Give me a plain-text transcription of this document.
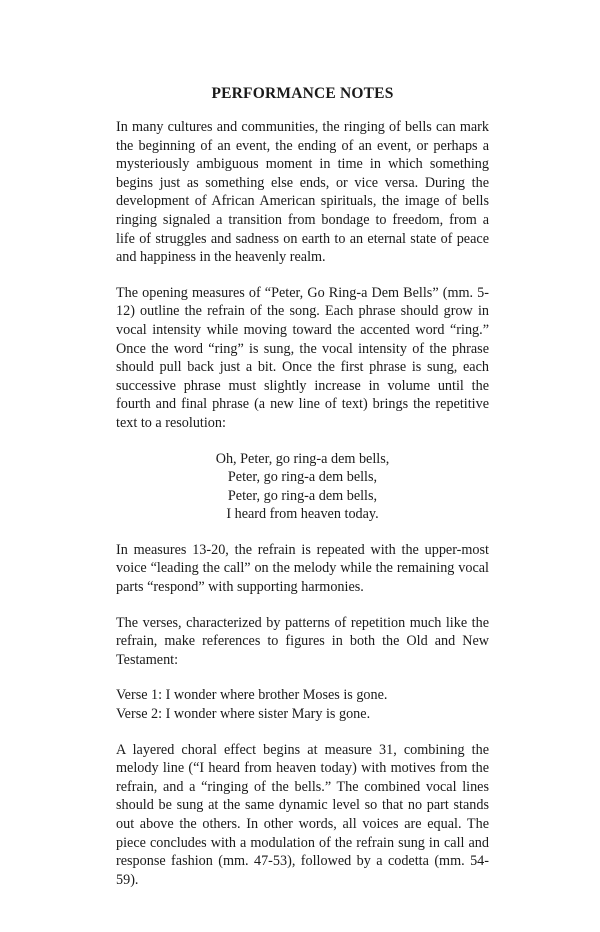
PERFORMANCE NOTES

In many cultures and communities, the ringing of bells can mark the beginning of an event, the ending of an event, or perhaps a mysteriously ambiguous moment in time in which something begins just as something else ends, or vice versa. During the development of African American spirituals, the image of bells ringing signaled a transition from bondage to freedom, from a life of struggles and sadness on earth to an eternal state of peace and happiness in the heavenly realm.

The opening measures of “Peter, Go Ring-a Dem Bells” (mm. 5-12) outline the refrain of the song. Each phrase should grow in vocal intensity while moving toward the accented word “ring.” Once the word “ring” is sung, the vocal intensity of the phrase should pull back just a bit. Once the first phrase is sung, each successive phrase must slightly increase in volume until the fourth and final phrase (a new line of text) brings the repetitive text to a resolution:

Oh, Peter, go ring-a dem bells,
Peter, go ring-a dem bells,
Peter, go ring-a dem bells,
I heard from heaven today.

In measures 13-20, the refrain is repeated with the upper-most voice “leading the call” on the melody while the remaining vocal parts “respond” with supporting harmonies.

The verses, characterized by patterns of repetition much like the refrain, make references to figures in both the Old and New Testament:

Verse 1: I wonder where brother Moses is gone.
Verse 2: I wonder where sister Mary is gone.

A layered choral effect begins at measure 31, combining the melody line (“I heard from heaven today) with motives from the refrain, and a “ringing of the bells.” The combined vocal lines should be sung at the same dynamic level so that no part stands out above the others. In other words, all voices are equal. The piece concludes with a modulation of the refrain sung in call and response fashion (mm. 47-53), followed by a codetta (mm. 54-59).
